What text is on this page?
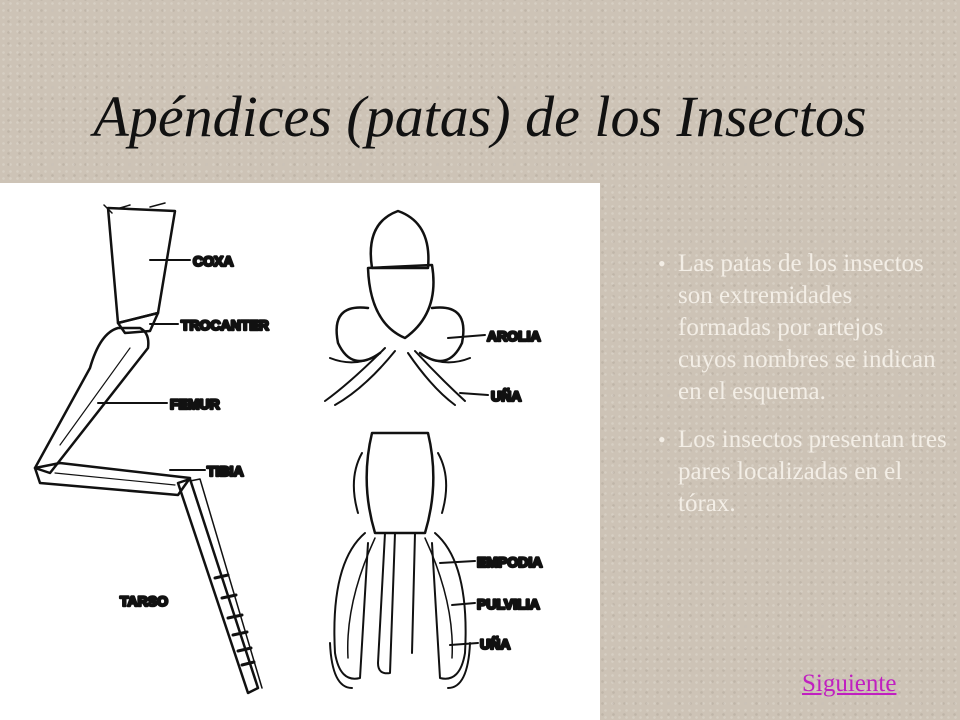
Apéndices (patas) de los Insectos
COXA
TROCANTER
FEMUR
TIBIA
TARSO
AROLIA
UÑA
EMPODIA
PULVILIA
UÑA
• Las patas de los insectos son extremidades formadas por artejos cuyos nombres se indican en el esquema.
• Los insectos presentan tres pares localizadas en el tórax.
Siguiente
